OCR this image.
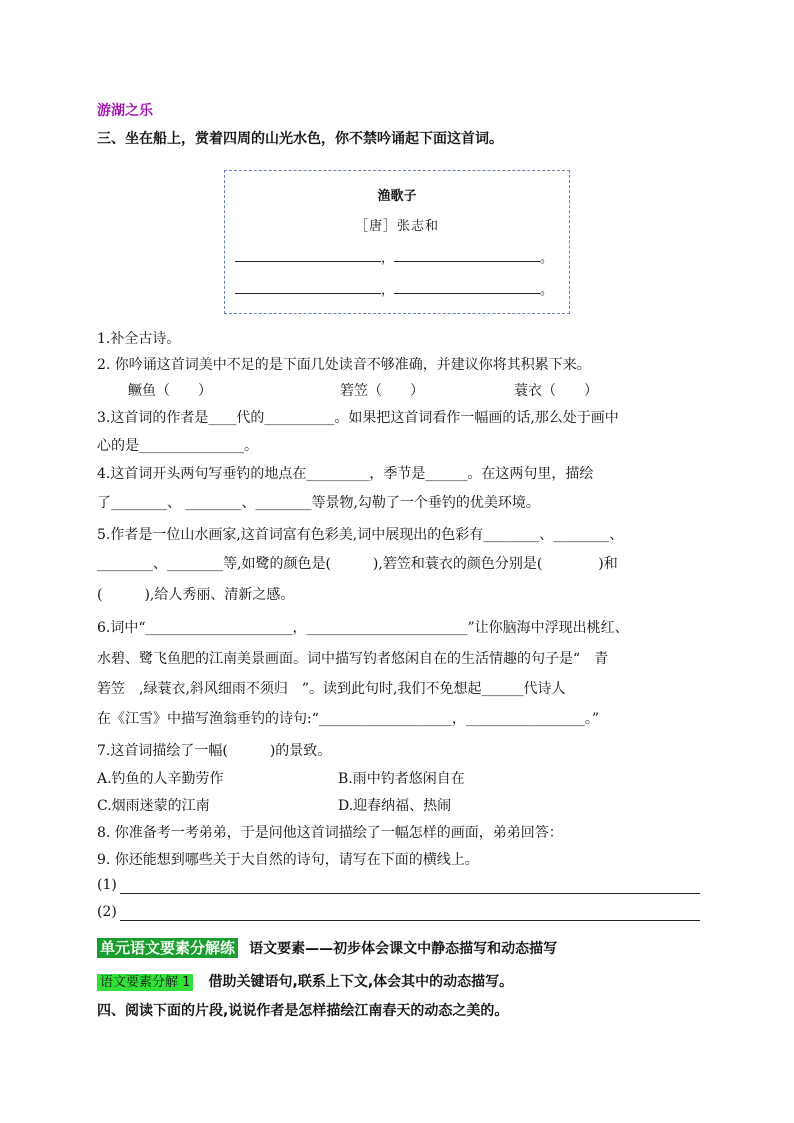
游湖之乐
三、坐在船上，赏着四周的山光水色，你不禁吟诵起下面这首词。
渔歌子
［唐］张志和
，	。
，	。
1.补全古诗。
2. 你吟诵这首词美中不足的是下面几处读音不够准确，并建议你将其积累下来。
鳜鱼（　　）	箬笠（　　）	蓑衣（　　）
3.这首词的作者是____代的__________。如果把这首词看作一幅画的话,那么处于画中
心的是_______________。
4.这首词开头两句写垂钓的地点在_________，季节是______。在这两句里，描绘
了________、 ________、________等景物,勾勒了一个垂钓的优美环境。
5.作者是一位山水画家,这首词富有色彩美,词中展现出的色彩有________、________、
________、________等,如鹭的颜色是(　　　),箬笠和蓑衣的颜色分别是(　　　　)和
(　　　),给人秀丽、清新之感。
6.词中“_____________________，_______________________”让你脑海中浮现出桃红、
水碧、鹭飞鱼肥的江南美景画面。词中描写钓者悠闲自在的生活情趣的句子是“　青
箬笠　,绿蓑衣,斜风细雨不须归　”。读到此句时,我们不免想起______代诗人
在《江雪》中描写渔翁垂钓的诗句:“___________________，_________________。”
7.这首词描绘了一幅(　　　)的景致。
A.钓鱼的人辛勤劳作	B.雨中钓者悠闲自在
C.烟雨迷蒙的江南	D.迎春纳福、热闹
8. 你准备考一考弟弟，于是问他这首词描绘了一幅怎样的画面，弟弟回答：
9. 你还能想到哪些关于大自然的诗句，请写在下面的横线上。
(1)
(2)
单元语文要素分解练 语文要素——初步体会课文中静态描写和动态描写
语文要素分解 1 借助关键语句,联系上下文,体会其中的动态描写。
四、阅读下面的片段,说说作者是怎样描绘江南春天的动态之美的。
